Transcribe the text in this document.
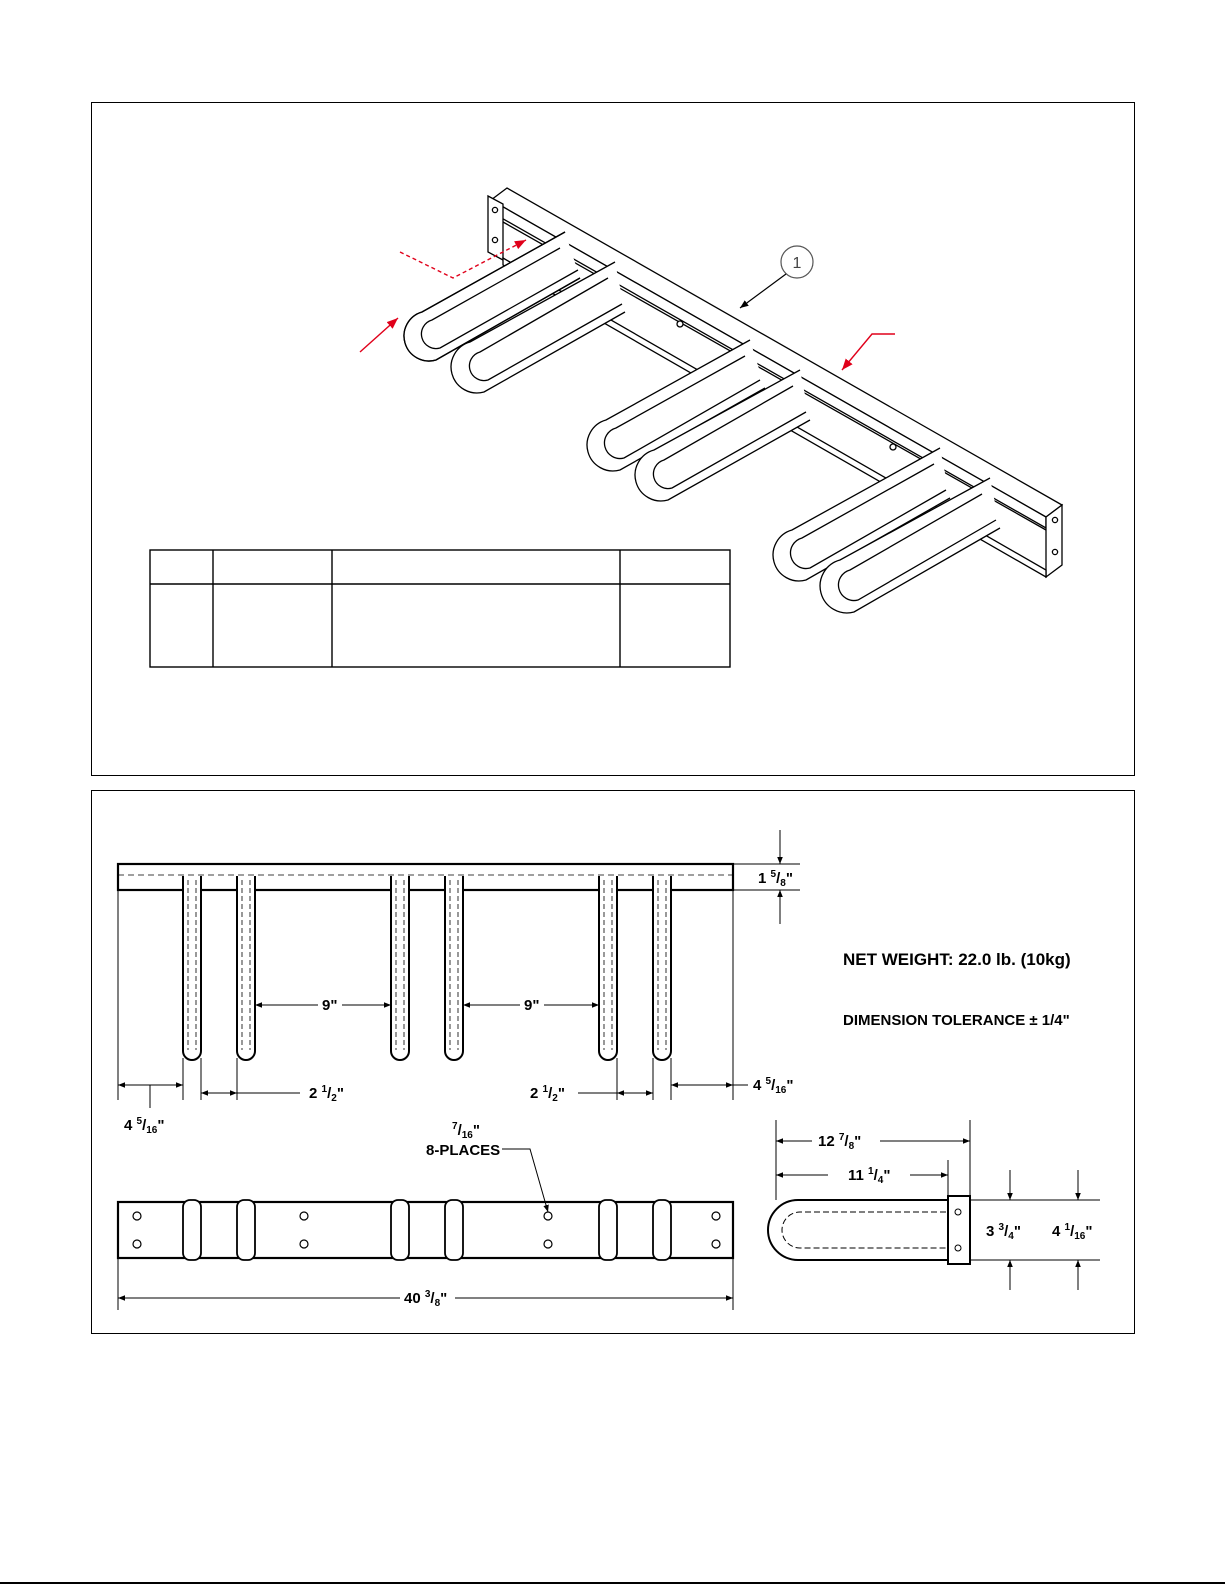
1
1 $^5/_8$"
9"	9"
2 $^1/_2$"	2 $^1/_2$"	4 $^5/_{16}$"
4 $^5/_{16}$"	$^7/_{16}$"
8-PLACES
40 $^3/_8$"
12 $^7/_8$"
11 $^1/_4$"
3 $^3/_4$" 4 $^1/_{16}$"
NET WEIGHT: 22.0 lb. (10kg)
DIMENSION TOLERANCE ± 1/4"
